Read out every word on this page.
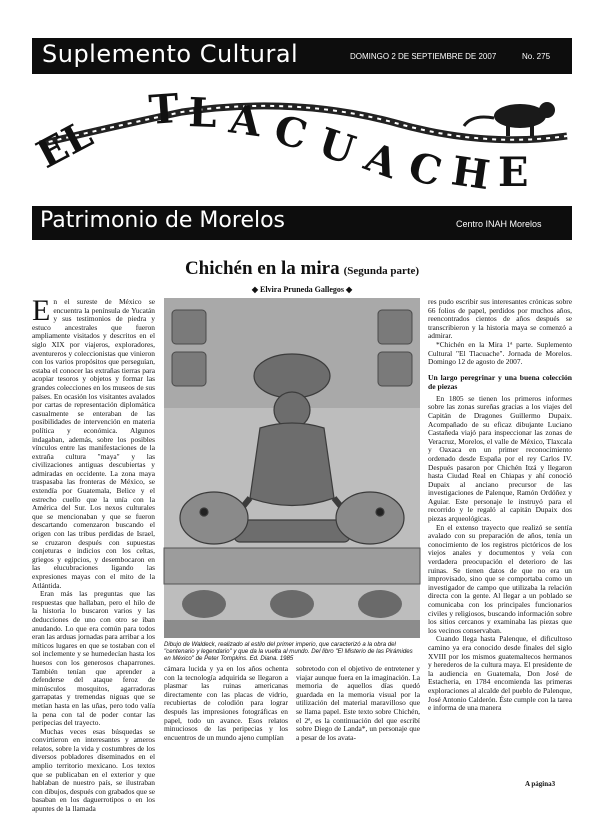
Suplemento Cultural	DOMINGO 2 DE SEPTIEMBRE DE 2007	No. 275
EL
T L A C U
A C H E
Patrimonio de Morelos	Centro INAH Morelos
Chichén en la mira (Segunda parte)
◆ Elvira Pruneda Gallegos ◆

En el sureste de México se encuentra la península de Yucatán y sus testimonios de piedra y estuco ancestrales que fueron ampliamente visitados y descritos en el siglo XIX por viajeros, exploradores, aventureros y coleccionistas que vinieron con los varios propósitos que perseguían, estaba el conocer las extrañas tierras para acopiar tesoros y objetos y formar las grandes colecciones en los museos de sus países. En ocasión los visitantes avalados por cartas de representación diplomática casualmente se enteraban de las posibilidades de intervención en materia política y económica. Algunos indagaban, además, sobre los posibles vínculos entre las manifestaciones de la extraña cultura "maya" y las civilizaciones antiguas descubiertas y admiradas en occidente. La zona maya traspasaba las fronteras de México, se extendía por Guatemala, Belice y el estrecho cuello que la unía con la América del Sur. Los nexos culturales que se mencionaban y que se fueron descartando comenzaron buscando el origen con las tribus perdidas de Israel, se cruzaron después con supuestas conjeturas e indicios con los celtas, griegos y egipcios, y desembocaron en las elucubraciones ligando las expresiones mayas con el mito de la Atlántida.

Eran más las preguntas que las respuestas que hallaban, pero el hilo de la historia lo buscaron varios y las deducciones de uno con otro se iban anudando. Lo que era común para todos eran las arduas jornadas para arribar a los míticos lugares en que se tostaban con el sol inclemente y se humedecían hasta los huesos con los generosos chaparrones. También tenían que aprender a defenderse del ataque feroz de minúsculos mosquitos, agarradoras garrapatas y tremendas niguas que se metían hasta en las uñas, pero todo valía la pena con tal de poder contar las peripecias del trayecto.

Muchas veces esas búsquedas se convirtieron en interesantes y ameros relatos, sobre la vida y costumbres de los diversos pobladores diseminados en el amplio territorio mexicano. Los textos que se publicaban en el exterior y que hablaban de nuestro país, se ilustraban con dibujos, después con grabados que se basaban en los daguerrotipos o en los apuntes de la llamada

Dibujo de Waldeck, realizado al estilo del primer imperio, que caracterizó a la obra del "centenario y legendario" y que da la vuelta al mundo. Del libro "El Misterio de las Pirámides en México" de Peter Tompkins. Ed. Diana. 1985

cámara lucida y ya en los años ochenta con la tecnología adquirida se llegaron a plasmar las ruinas americanas directamente con las placas de vidrio, recubiertas de colodión para lograr después las impresiones fotográficas en papel, todo un avance. Esos relatos minuciosos de las peripecias y los encuentros de un mundo ajeno cumplían

sobretodo con el objetivo de entretener y viajar aunque fuera en la imaginación. La memoria de aquellos días quedó guardada en la memoria visual por la utilización del material maravilloso que se llama papel. Este texto sobre Chichén, el 2ª, es la continuación del que escribí sobre Diego de Landa*, un personaje que a pesar de los avata-

res pudo escribir sus interesantes crónicas sobre 66 folios de papel, perdidos por muchos años, reencontrados cientos de años después se transcribieron y la historia maya se comenzó a admirar.

*Chichén en la Mira 1ª parte. Suplemento Cultural "El Tlacuache". Jornada de Morelos. Domingo 12 de agosto de 2007.

Un largo peregrinar y una buena colección de piezas

En 1805 se tienen los primeros informes sobre las zonas sureñas gracias a los viajes del Capitán de Dragones Guillermo Dupaix. Acompañado de su eficaz dibujante Luciano Castañeda viajó para inspeccionar las zonas de Veracruz, Morelos, el valle de México, Tlaxcala y Oaxaca en un primer reconocimiento ordenado desde España por el rey Carlos IV. Después pasaron por Chichén Itzá y llegaron hasta Ciudad Real en Chiapas y ahí conoció Dupaix al anciano precursor de las investigaciones de Palenque, Ramón Ordóñez y Aguiar. Este personaje le instruyó para el recorrido y le regaló al capitán Dupaix dos piezas arqueológicas.

En el extenso trayecto que realizó se sentía avalado con su preparación de años, tenía un conocimiento de los registros pictóricos de los viejos anales y documentos y veía con verdadera preocupación el deterioro de las ruinas. Se tienen datos de que no era un improvisado, sino que se comportaba como un investigador de campo que utilizaba la relación directa con la gente. Al llegar a un poblado se comunicaba con los principales funcionarios civiles y religiosos, buscando información sobre los sitios cercanos y examinaba las piezas que los vecinos conservaban.

Cuando llega hasta Palenque, el dificultoso camino ya era conocido desde finales del siglo XVIII por los mismos guatemaltecos hermanos y herederos de la cultura maya. El presidente de la audiencia en Guatemala, Don José de Estacheria, en 1784 encomienda las primeras exploraciones al alcalde del pueblo de Palenque, José Antonio Calderón. Éste cumple con la tarea e informa de una manera

A página3
